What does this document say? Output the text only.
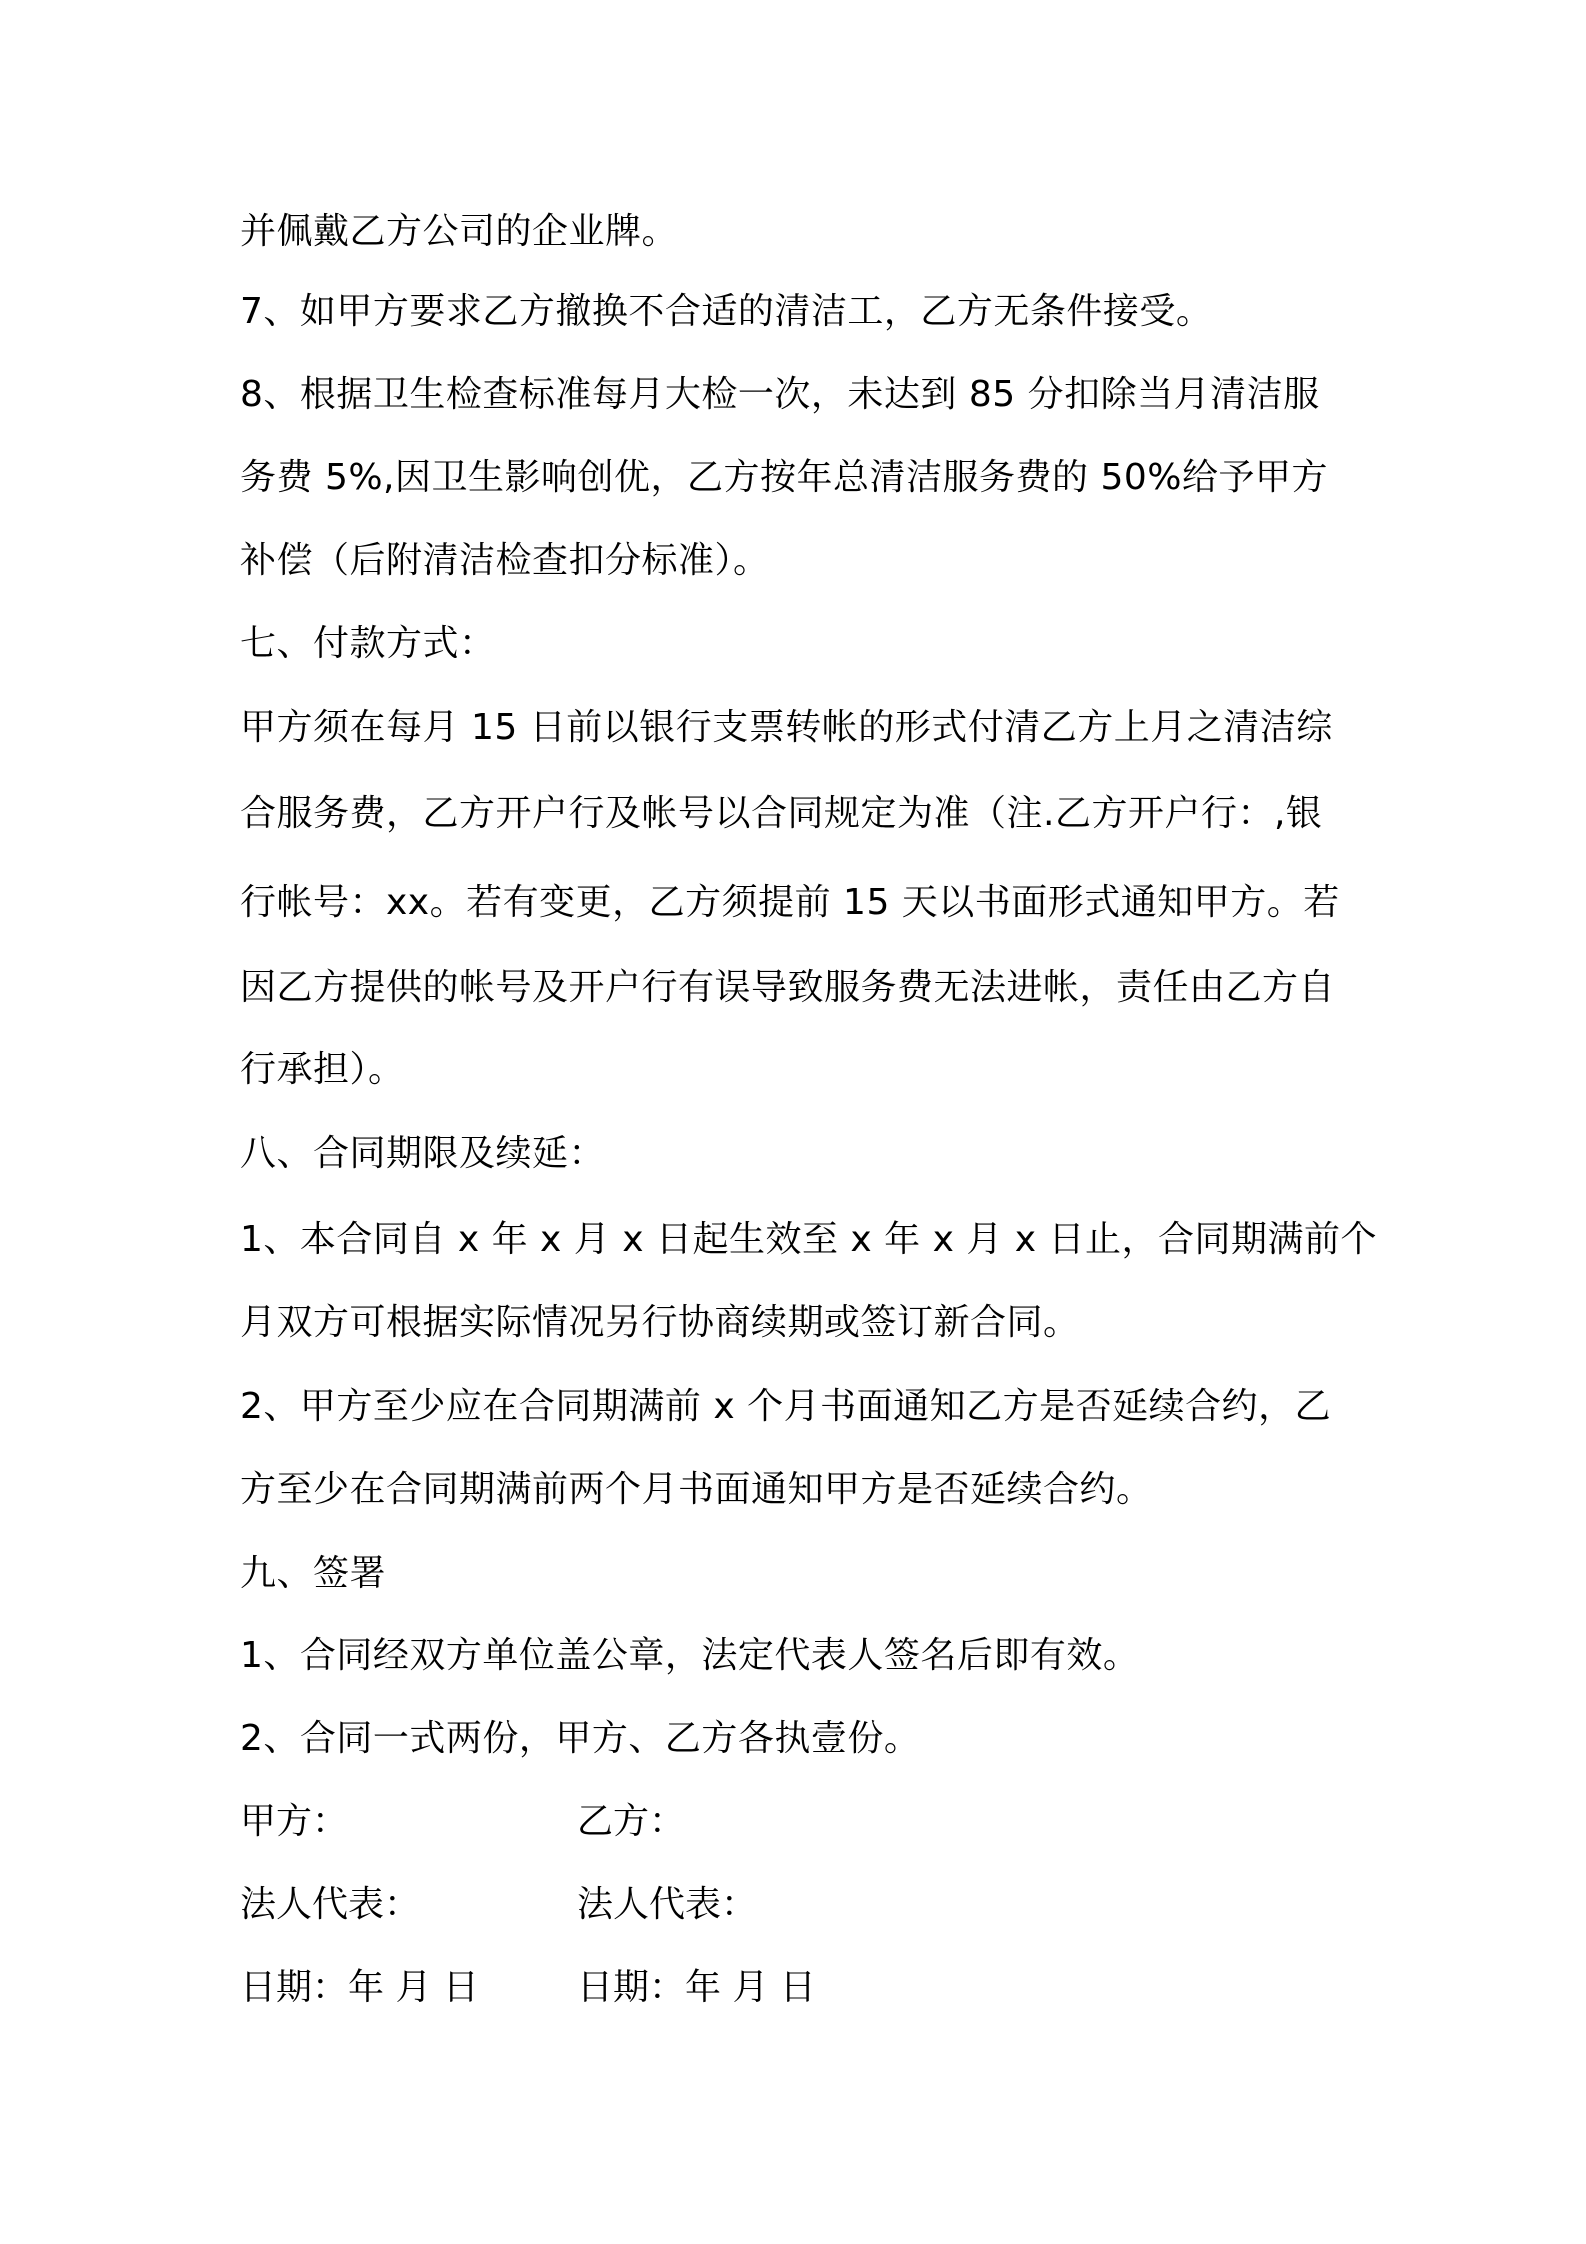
并佩戴乙方公司的企业牌。

7、如甲方要求乙方撤换不合适的清洁工，乙方无条件接受。

8、根据卫生检查标准每月大检一次，未达到 85 分扣除当月清洁服

务费 5%,因卫生影响创优，乙方按年总清洁服务费的 50%给予甲方

补偿（后附清洁检查扣分标准）。

七、付款方式：

甲方须在每月 15 日前以银行支票转帐的形式付清乙方上月之清洁综

合服务费，乙方开户行及帐号以合同规定为准（注.乙方开户行：,银

行帐号：xx。若有变更，乙方须提前 15 天以书面形式通知甲方。若

因乙方提供的帐号及开户行有误导致服务费无法进帐，责任由乙方自

行承担）。

八、合同期限及续延：

1、本合同自 x 年 x 月 x 日起生效至 x 年 x 月 x 日止，合同期满前个

月双方可根据实际情况另行协商续期或签订新合同。

2、甲方至少应在合同期满前 x 个月书面通知乙方是否延续合约，乙

方至少在合同期满前两个月书面通知甲方是否延续合约。

九、签署

1、合同经双方单位盖公章，法定代表人签名后即有效。

2、合同一式两份，甲方、乙方各执壹份。

甲方：	乙方：
法人代表：	法人代表：
日期：年 月 日	日期：年 月 日
